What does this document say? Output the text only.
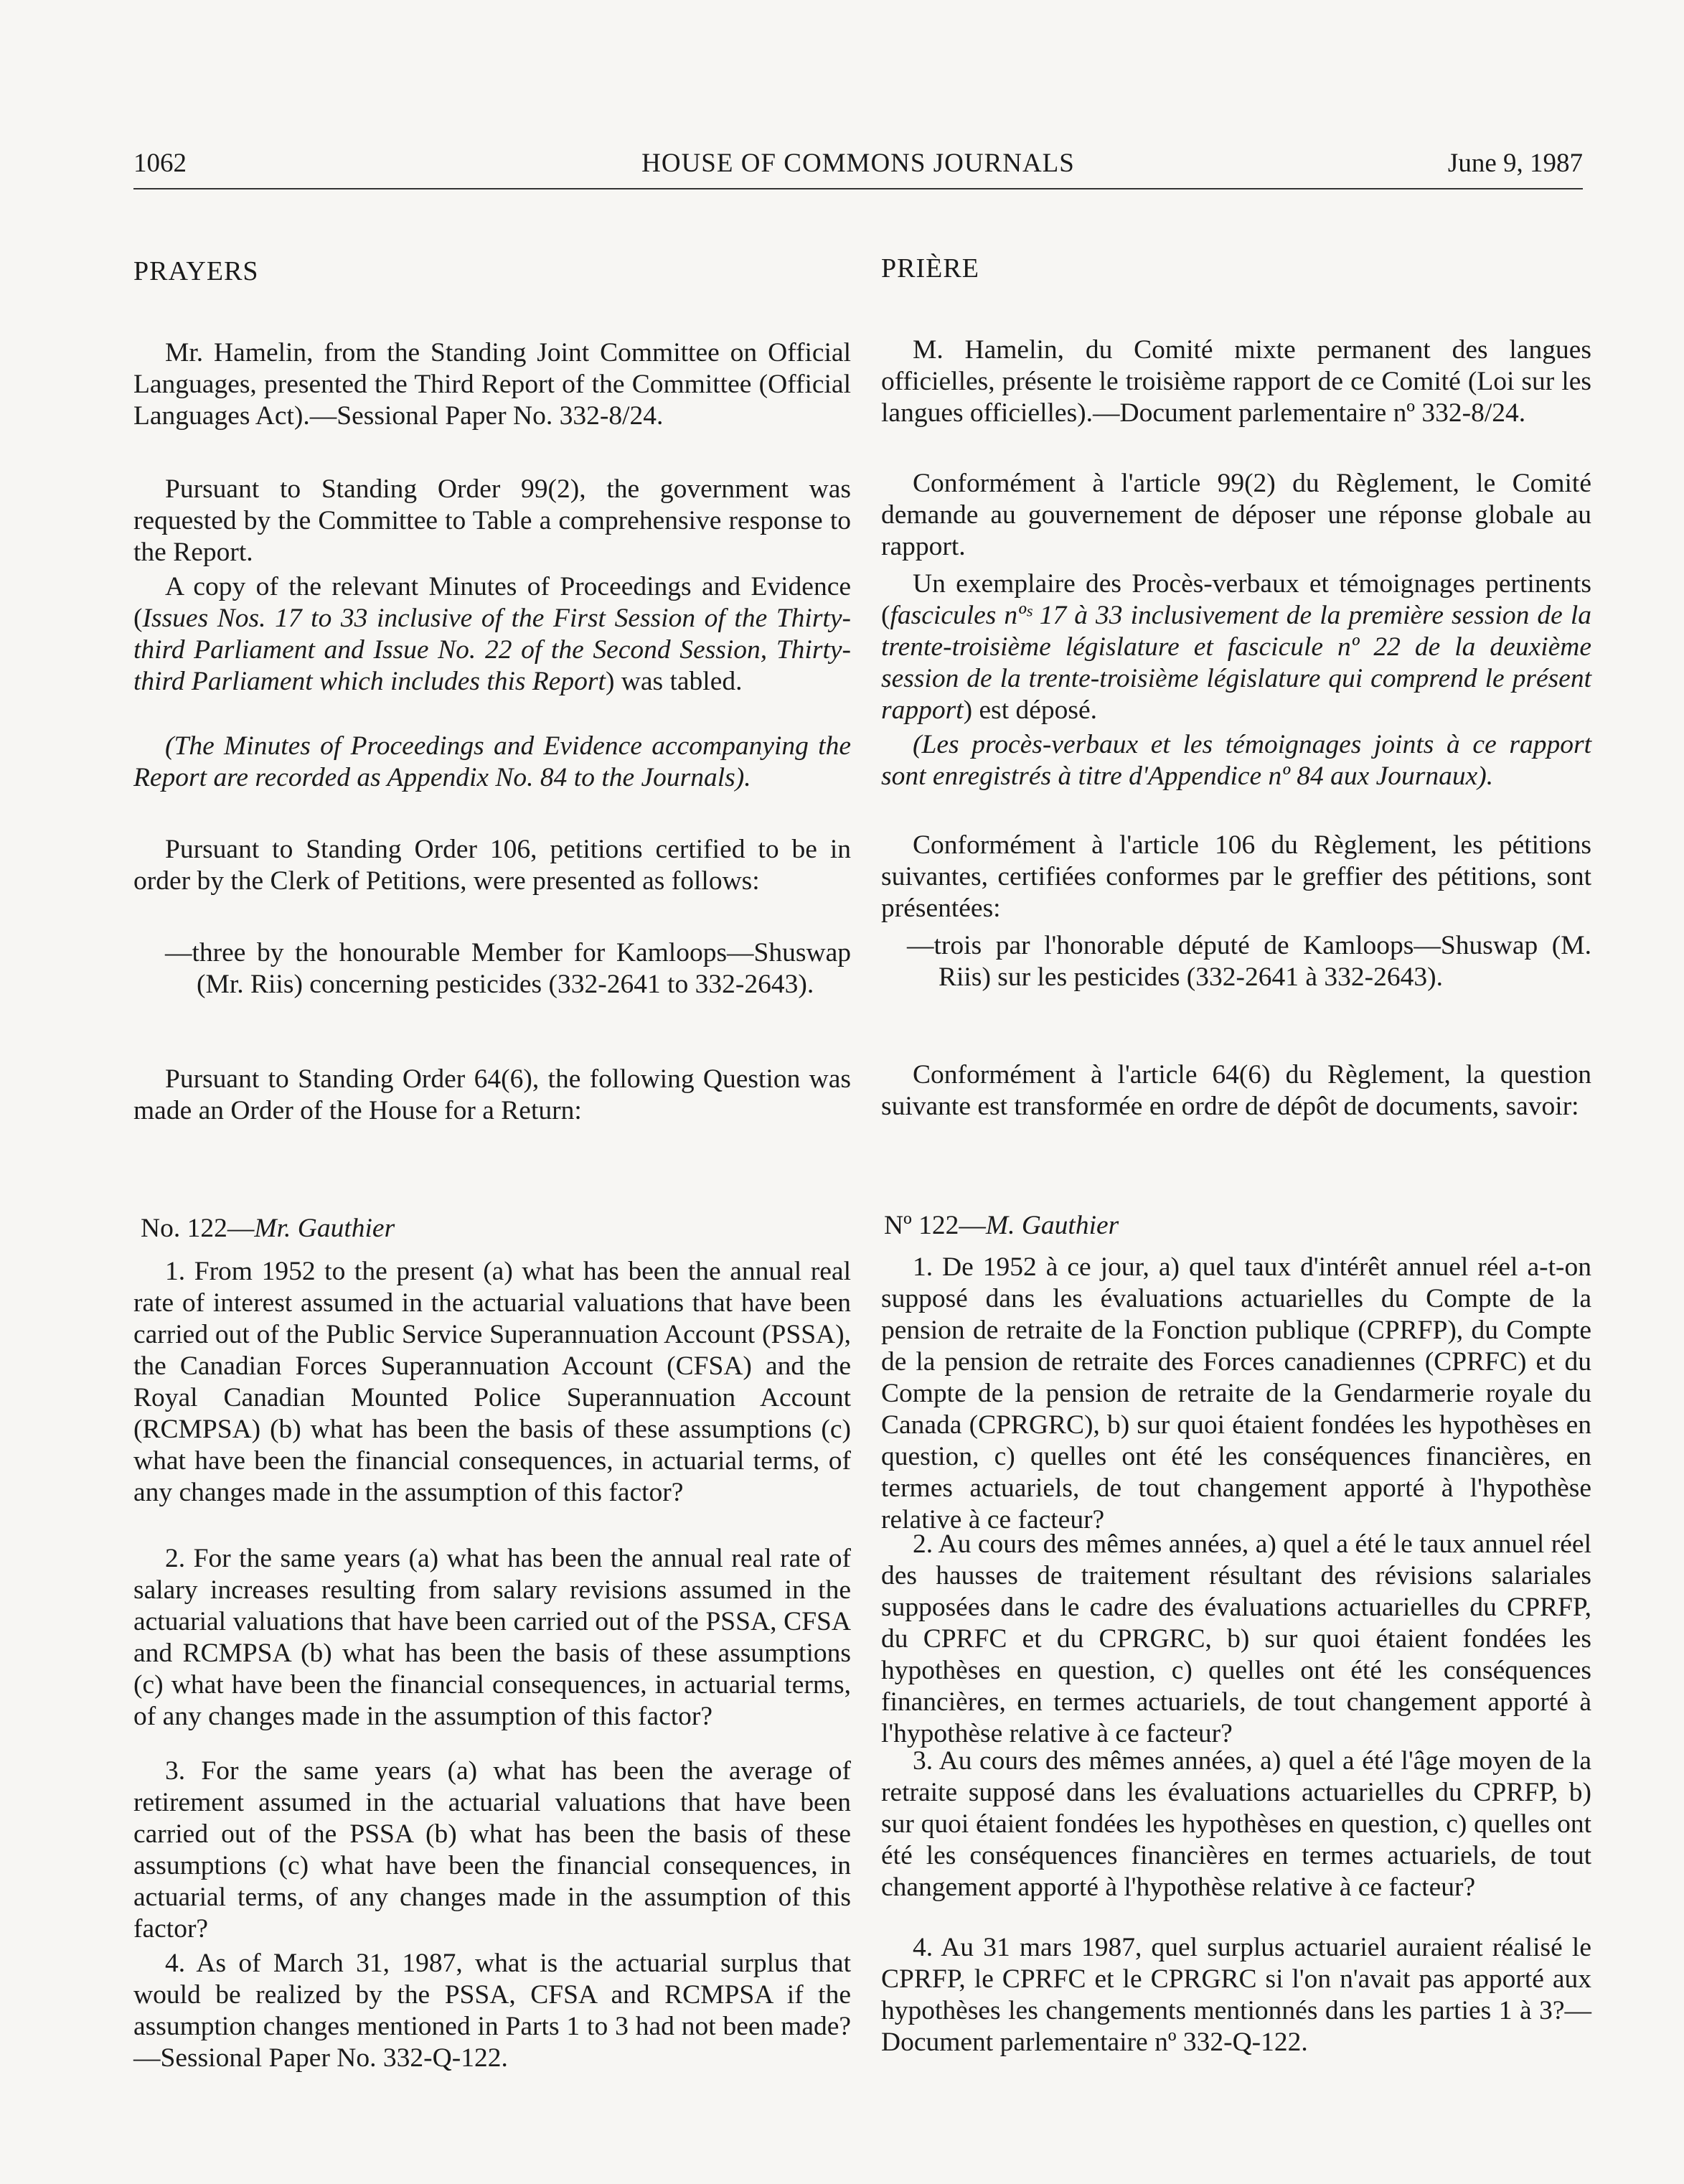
1062	HOUSE OF COMMONS JOURNALS	June 9, 1987
PRAYERS

Mr. Hamelin, from the Standing Joint Committee on Official Languages, presented the Third Report of the Committee (Official Languages Act).—Sessional Paper No. 332-8/24.

Pursuant to Standing Order 99(2), the government was requested by the Committee to Table a comprehensive response to the Report.

A copy of the relevant Minutes of Proceedings and Evidence (Issues Nos. 17 to 33 inclusive of the First Session of the Thirty-third Parliament and Issue No. 22 of the Second Session, Thirty-third Parliament which includes this Report) was tabled.

(The Minutes of Proceedings and Evidence accompanying the Report are recorded as Appendix No. 84 to the Journals).

Pursuant to Standing Order 106, petitions certified to be in order by the Clerk of Petitions, were presented as follows:

—three by the honourable Member for Kamloops—Shuswap (Mr. Riis) concerning pesticides (332-2641 to 332-2643).

Pursuant to Standing Order 64(6), the following Question was made an Order of the House for a Return:

No. 122—Mr. Gauthier

1. From 1952 to the present (a) what has been the annual real rate of interest assumed in the actuarial valuations that have been carried out of the Public Service Superannuation Account (PSSA), the Canadian Forces Superannuation Account (CFSA) and the Royal Canadian Mounted Police Superannuation Account (RCMPSA) (b) what has been the basis of these assumptions (c) what have been the financial consequences, in actuarial terms, of any changes made in the assumption of this factor?

2. For the same years (a) what has been the annual real rate of salary increases resulting from salary revisions assumed in the actuarial valuations that have been carried out of the PSSA, CFSA and RCMPSA (b) what has been the basis of these assumptions (c) what have been the financial consequences, in actuarial terms, of any changes made in the assumption of this factor?

3. For the same years (a) what has been the average of retirement assumed in the actuarial valuations that have been carried out of the PSSA (b) what has been the basis of these assumptions (c) what have been the financial consequences, in actuarial terms, of any changes made in the assumption of this factor?

4. As of March 31, 1987, what is the actuarial surplus that would be realized by the PSSA, CFSA and RCMPSA if the assumption changes mentioned in Parts 1 to 3 had not been made?—Sessional Paper No. 332-Q-122.

PRIÈRE

M. Hamelin, du Comité mixte permanent des langues officielles, présente le troisième rapport de ce Comité (Loi sur les langues officielles).—Document parlementaire nº 332-8/24.

Conformément à l'article 99(2) du Règlement, le Comité demande au gouvernement de déposer une réponse globale au rapport.

Un exemplaire des Procès-verbaux et témoignages pertinents (fascicules nºˢ 17 à 33 inclusivement de la première session de la trente-troisième législature et fascicule nº 22 de la deuxième session de la trente-troisième législature qui comprend le présent rapport) est déposé.

(Les procès-verbaux et les témoignages joints à ce rapport sont enregistrés à titre d'Appendice nº 84 aux Journaux).

Conformément à l'article 106 du Règlement, les pétitions suivantes, certifiées conformes par le greffier des pétitions, sont présentées:

—trois par l'honorable député de Kamloops—Shuswap (M. Riis) sur les pesticides (332-2641 à 332-2643).

Conformément à l'article 64(6) du Règlement, la question suivante est transformée en ordre de dépôt de documents, savoir:

Nº 122—M. Gauthier

1. De 1952 à ce jour, a) quel taux d'intérêt annuel réel a-t-on supposé dans les évaluations actuarielles du Compte de la pension de retraite de la Fonction publique (CPRFP), du Compte de la pension de retraite des Forces canadiennes (CPRFC) et du Compte de la pension de retraite de la Gendarmerie royale du Canada (CPRGRC), b) sur quoi étaient fondées les hypothèses en question, c) quelles ont été les conséquences financières, en termes actuariels, de tout changement apporté à l'hypothèse relative à ce facteur?

2. Au cours des mêmes années, a) quel a été le taux annuel réel des hausses de traitement résultant des révisions salariales supposées dans le cadre des évaluations actuarielles du CPRFP, du CPRFC et du CPRGRC, b) sur quoi étaient fondées les hypothèses en question, c) quelles ont été les conséquences financières, en termes actuariels, de tout changement apporté à l'hypothèse relative à ce facteur?

3. Au cours des mêmes années, a) quel a été l'âge moyen de la retraite supposé dans les évaluations actuarielles du CPRFP, b) sur quoi étaient fondées les hypothèses en question, c) quelles ont été les conséquences financières en termes actuariels, de tout changement apporté à l'hypothèse relative à ce facteur?

4. Au 31 mars 1987, quel surplus actuariel auraient réalisé le CPRFP, le CPRFC et le CPRGRC si l'on n'avait pas apporté aux hypothèses les changements mentionnés dans les parties 1 à 3?—Document parlementaire nº 332-Q-122.
